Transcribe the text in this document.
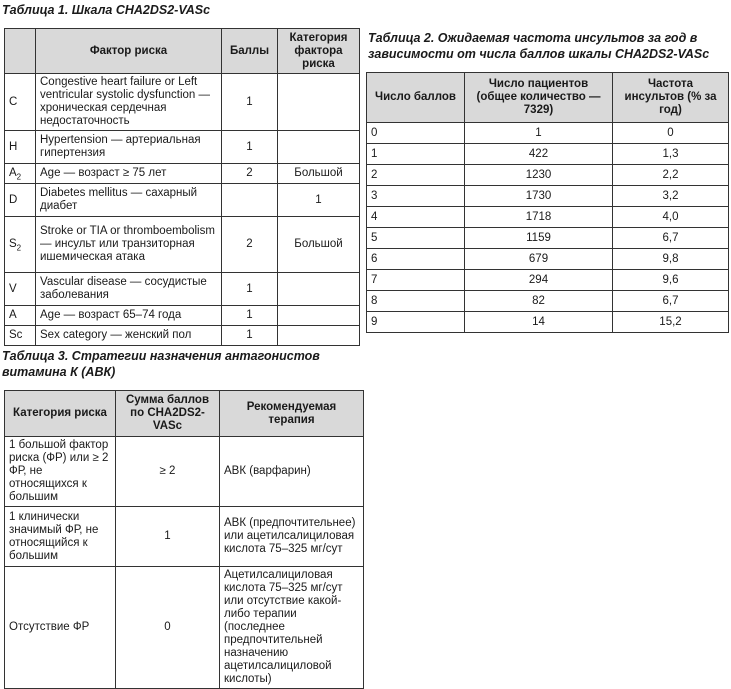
Таблица 1. Шкала CHA2DS2-VASc
	Фактор риска	Баллы	Категория фактора риска
C	Congestive heart failure or Left ventricular systolic dysfunction — хроническая сердечная недостаточность	1	
H	Hypertension — артериальная гипертензия	1	
$A_2$	Age — возраст ≥ 75 лет	2	Большой
D	Diabetes mellitus — сахарный диабет		1
$S_2$	Stroke or TIA or thromboembolism — инсульт или транзиторная ишемическая атака	2	Большой
V	Vascular disease — сосудистые заболевания	1	
A	Age — возраст 65–74 года	1	
Sc	Sex category — женский пол	1	
Таблица 2. Ожидаемая частота инсультов за год в зависимости от числа баллов шкалы CHA2DS2-VASc
Число баллов	Число пациентов (общее количество — 7329)	Частота инсультов (% за год)
0	1	0
1	422	1,3
2	1230	2,2
3	1730	3,2
4	1718	4,0
5	1159	6,7
6	679	9,8
7	294	9,6
8	82	6,7
9	14	15,2
Таблица 3. Стратегии назначения антагонистов витамина К (АВК)
Категория риска	Сумма баллов по CHA2DS2-VASc	Рекомендуемая терапия
1 большой фактор риска (ФР) или ≥ 2 ФР, не относящихся к большим	≥ 2	АВК (варфарин)
1 клинически значимый ФР, не относящийся к большим	1	АВК (предпочтительнее) или ацетилсалициловая кислота 75–325 мг/сут
Отсутствие ФР	0	Ацетилсалициловая кислота 75–325 мг/сут или отсутствие какой-либо терапии (последнее предпочтительней назначению ацетилсалициловой кислоты)
